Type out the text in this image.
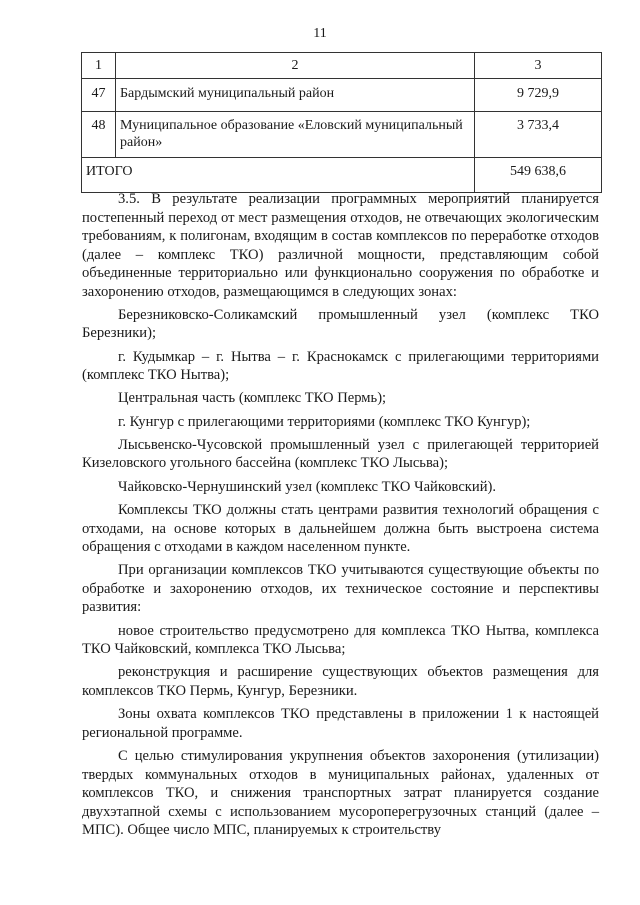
11
1	2	3
47	Бардымский муниципальный район	9 729,9
48	Муниципальное образование «Еловский муниципальный район»	3 733,4
ИТОГО		549 638,6

3.5. В результате реализации программных мероприятий планируется постепенный переход от мест размещения отходов, не отвечающих экологическим требованиям, к полигонам, входящим в состав комплексов по переработке отходов (далее – комплекс ТКО) различной мощности, представляющим собой объединенные территориально или функционально сооружения по обработке и захоронению отходов, размещающимся в следующих зонах:

Березниковско-Соликамский промышленный узел (комплекс ТКО Березники);

г. Кудымкар – г. Нытва – г. Краснокамск с прилегающими территориями (комплекс ТКО Нытва);

Центральная часть (комплекс ТКО Пермь);

г. Кунгур с прилегающими территориями (комплекс ТКО Кунгур);

Лысьвенско-Чусовской промышленный узел с прилегающей территорией Кизеловского угольного бассейна (комплекс ТКО Лысьва);

Чайковско-Чернушинский узел (комплекс ТКО Чайковский).

Комплексы ТКО должны стать центрами развития технологий обращения с отходами, на основе которых в дальнейшем должна быть выстроена система обращения с отходами в каждом населенном пункте.

При организации комплексов ТКО учитываются существующие объекты по обработке и захоронению отходов, их техническое состояние и перспективы развития:

новое строительство предусмотрено для комплекса ТКО Нытва, комплекса ТКО Чайковский, комплекса ТКО Лысьва;

реконструкция и расширение существующих объектов размещения для комплексов ТКО Пермь, Кунгур, Березники.

Зоны охвата комплексов ТКО представлены в приложении 1 к настоящей региональной программе.

С целью стимулирования укрупнения объектов захоронения (утилизации) твердых коммунальных отходов в муниципальных районах, удаленных от комплексов ТКО, и снижения транспортных затрат планируется создание двухэтапной схемы с использованием мусороперегрузочных станций (далее – МПС). Общее число МПС, планируемых к строительству
